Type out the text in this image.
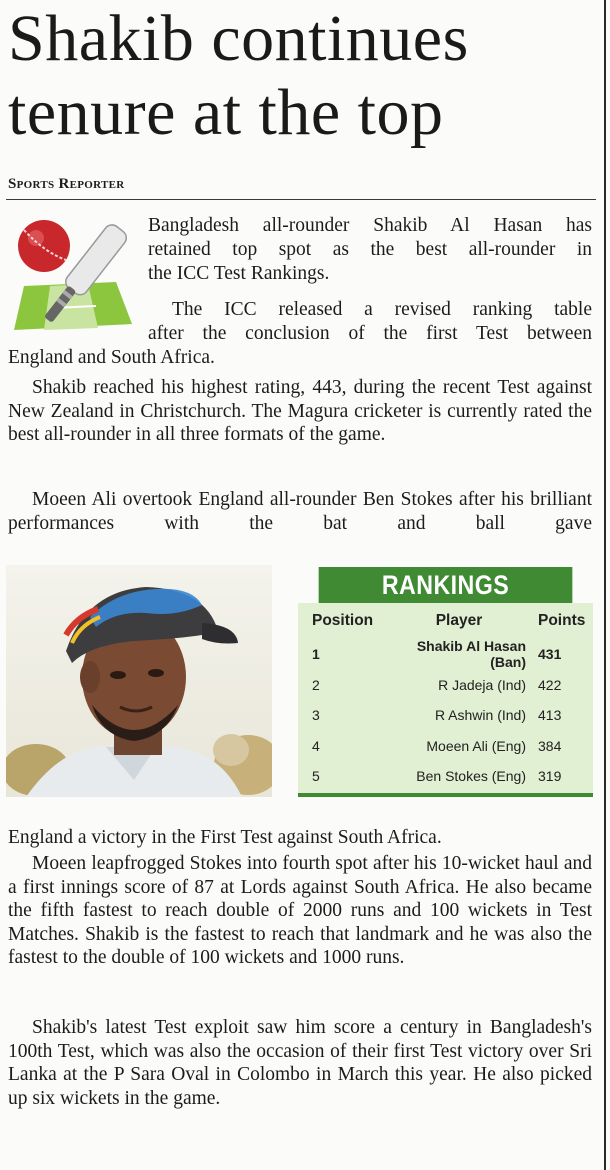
Shakib continues
tenure at the top
Sports Reporter
Bangladesh all-rounder Shakib Al Hasan has
retained top spot as the best all-rounder in
the ICC Test Rankings.
The ICC released a revised ranking table
after the conclusion of the first Test between
England and South Africa.

Shakib reached his highest rating, 443, during the recent Test against New Zealand in Christchurch. The Magura cricketer is currently rated the best all-rounder in all three formats of the game.

Moeen Ali overtook England all-rounder Ben Stokes after his brilliant performances with the bat and ball gave

RANKINGS
Position	Player	Points
1	Shakib Al Hasan (Ban) 431
2	R Jadeja (Ind) 422
3	R Ashwin (Ind) 413
4	Moeen Ali (Eng) 384
5	Ben Stokes (Eng) 319

England a victory in the First Test against South Africa.

Moeen leapfrogged Stokes into fourth spot after his 10-wicket haul and a first innings score of 87 at Lords against South Africa. He also became the fifth fastest to reach double of 2000 runs and 100 wickets in Test Matches. Shakib is the fastest to reach that landmark and he was also the fastest to the double of 100 wickets and 1000 runs.

Shakib's latest Test exploit saw him score a century in Bangladesh's 100th Test, which was also the occasion of their first Test victory over Sri Lanka at the P Sara Oval in Colombo in March this year. He also picked up six wickets in the game.
